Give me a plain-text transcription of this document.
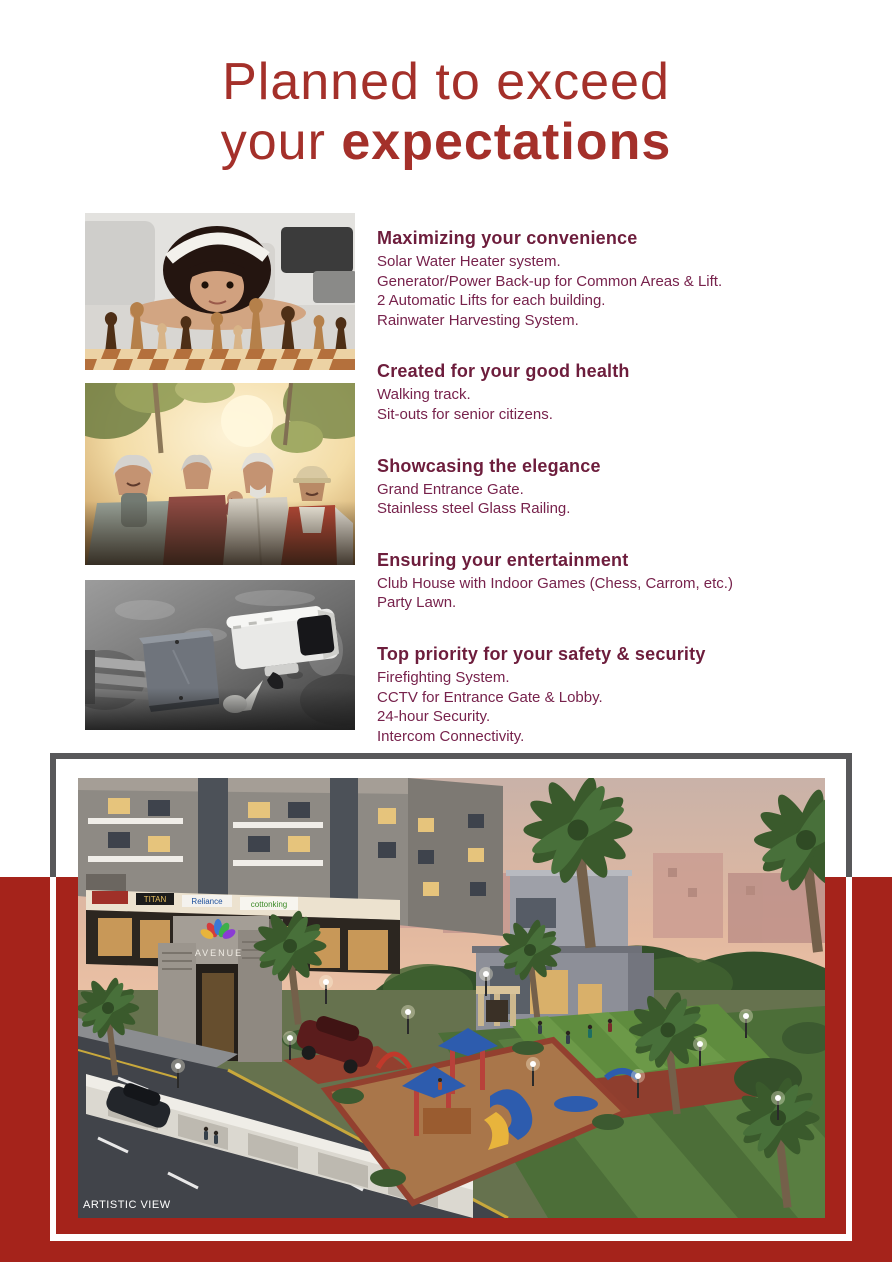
Planned to exceed
your expectations
Maximizing your convenience

Solar Water Heater system.

Generator/Power Back-up for Common Areas & Lift.

2 Automatic Lifts for each building.

Rainwater Harvesting System.

Created for your good health

Walking track.

Sit-outs for senior citizens.

Showcasing the elegance

Grand Entrance Gate.

Stainless steel Glass Railing.

Ensuring your entertainment

Club House with Indoor Games (Chess, Carrom, etc.)

Party Lawn.

Top priority for your safety & security

Firefighting System.

CCTV for Entrance Gate & Lobby.

24-hour Security.

Intercom Connectivity.

TITAN	Reliance	cottonking
AVENUE
ARTISTIC VIEW
